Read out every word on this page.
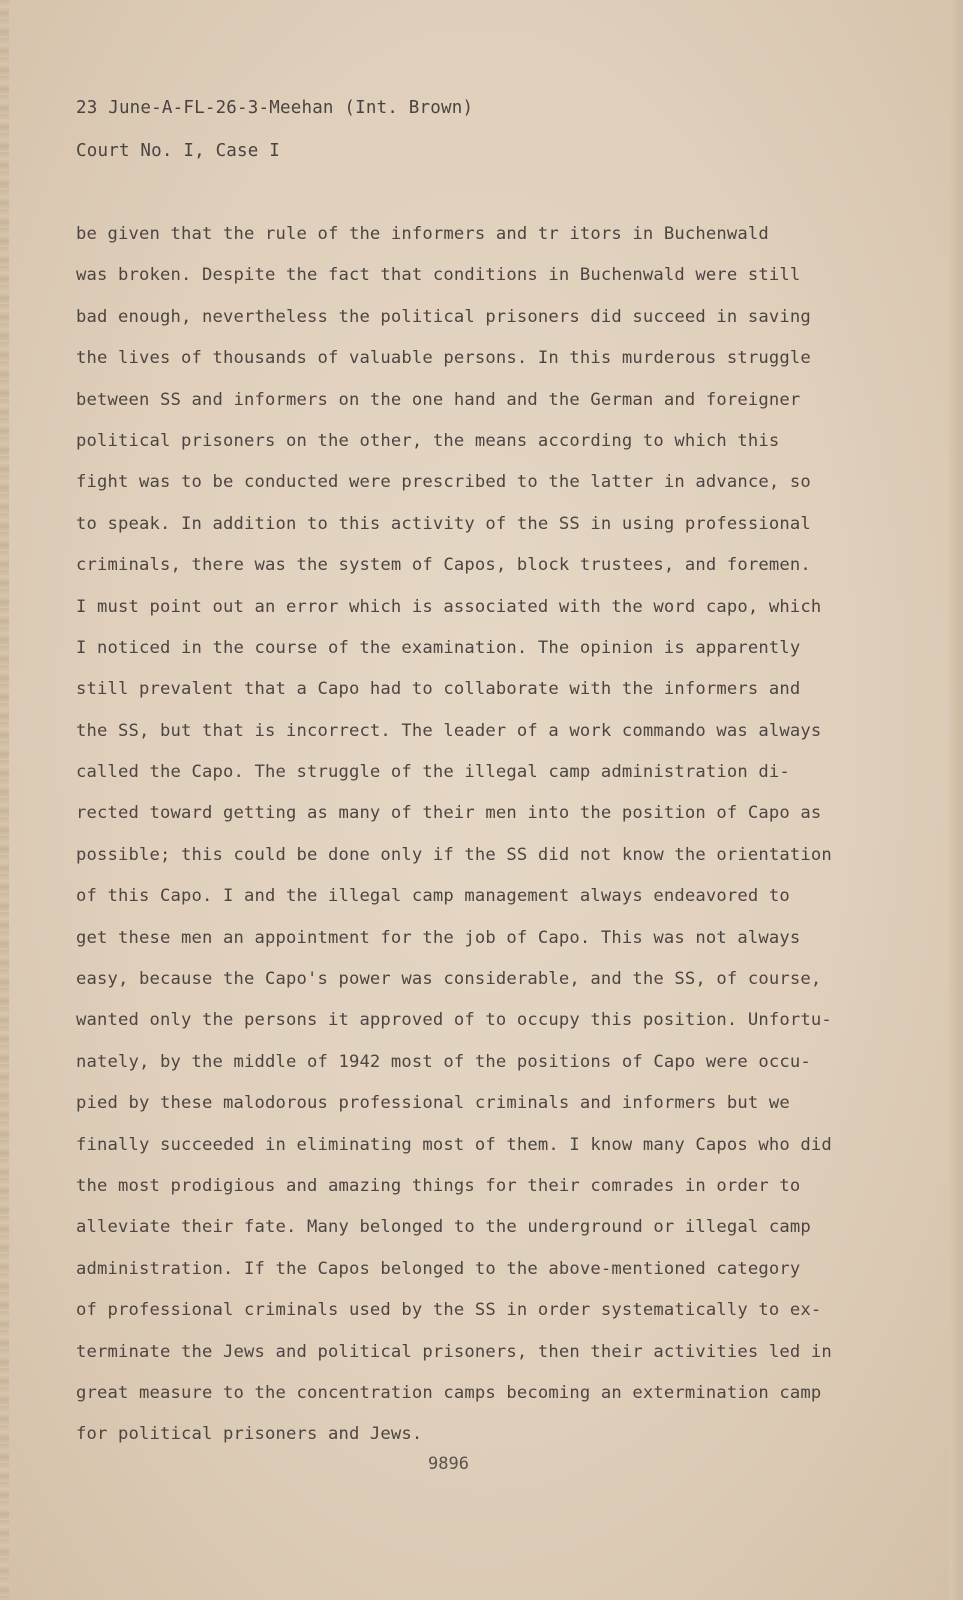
23 June-A-FL-26-3-Meehan (Int. Brown)

Court No. I, Case I

be given that the rule of the informers and tr itors in Buchenwald
was broken. Despite the fact that conditions in Buchenwald were still
bad enough, nevertheless the political prisoners did succeed in saving
the lives of thousands of valuable persons. In this murderous struggle
between SS and informers on the one hand and the German and foreigner
political prisoners on the other, the means according to which this
fight was to be conducted were prescribed to the latter in advance, so
to speak. In addition to this activity of the SS in using professional
criminals, there was the system of Capos, block trustees, and foremen.
I must point out an error which is associated with the word capo, which
I noticed in the course of the examination. The opinion is apparently
still prevalent that a Capo had to collaborate with the informers and
the SS, but that is incorrect. The leader of a work commando was always
called the Capo. The struggle of the illegal camp administration di-
rected toward getting as many of their men into the position of Capo as
possible; this could be done only if the SS did not know the orientation
of this Capo. I and the illegal camp management always endeavored to
get these men an appointment for the job of Capo. This was not always
easy, because the Capo's power was considerable, and the SS, of course,
wanted only the persons it approved of to occupy this position. Unfortu-
nately, by the middle of 1942 most of the positions of Capo were occu-
pied by these malodorous professional criminals and informers but we
finally succeeded in eliminating most of them. I know many Capos who did
the most prodigious and amazing things for their comrades in order to
alleviate their fate. Many belonged to the underground or illegal camp
administration. If the Capos belonged to the above-mentioned category
of professional criminals used by the SS in order systematically to ex-
terminate the Jews and political prisoners, then their activities led in
great measure to the concentration camps becoming an extermination camp
for political prisoners and Jews.

9896
